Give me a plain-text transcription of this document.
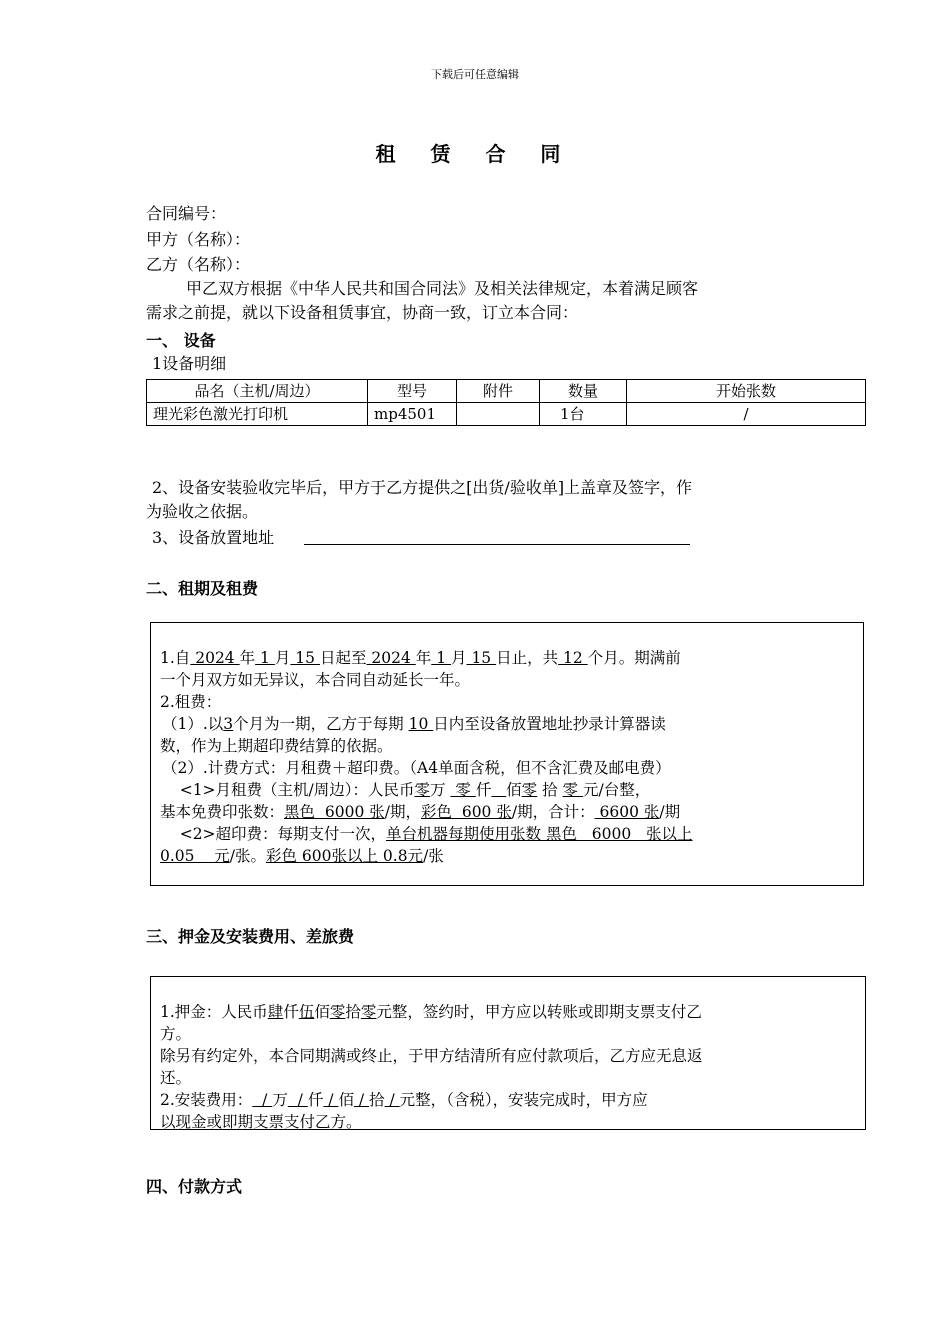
下载后可任意编辑
租 赁 合 同
合同编号：
甲方（名称）：
乙方（名称）：
甲乙双方根据《中华人民共和国合同法》及相关法律规定，本着满足顾客
需求之前提，就以下设备租赁事宜，协商一致，订立本合同：
一、 设备
1设备明细
品名（主机/周边）	型号	附件	数量	开始张数
理光彩色激光打印机	mp4501		1台	/
2、设备安装验收完毕后，甲方于乙方提供之[出货/验收单]上盖章及签字，作
为验收之依据。
3、设备放置地址
二、租期及租费
1.自 2024 年 1 月 15 日起至 2024 年 1 月 15 日止，共 12 个月。期满前
一个月双方如无异议，本合同自动延长一年。
2.租费：
（1）.以3个月为一期，乙方于每期 10 日内至设备放置地址抄录计算器读
数，作为上期超印费结算的依据。
（2）.计费方式：月租费＋超印费。（A4单面含税，但不含汇费及邮电费）
<1>月租费（主机/周边）：人民币零万  零 仟 佰零 拾 零 元/台整，
基本免费印张数：黑色  6000 张/期，彩色  600 张/期，合计： 6600 张/期
<2>超印费：每期支付一次，单台机器每期使用张数 黑色   6000   张以上
0.05    元/张。彩色 600张以上 0.8元/张
三、押金及安装费用、差旅费
1.押金：人民币肆仟伍佰零拾零元整，签约时，甲方应以转账或即期支票支付乙
方。
除另有约定外，本合同期满或终止，于甲方结清所有应付款项后，乙方应无息返
还。
2.安装费用：  / 万  / 仟 / 佰 / 拾 / 元整，（含税），安装完成时，甲方应
以现金或即期支票支付乙方。
四、付款方式
